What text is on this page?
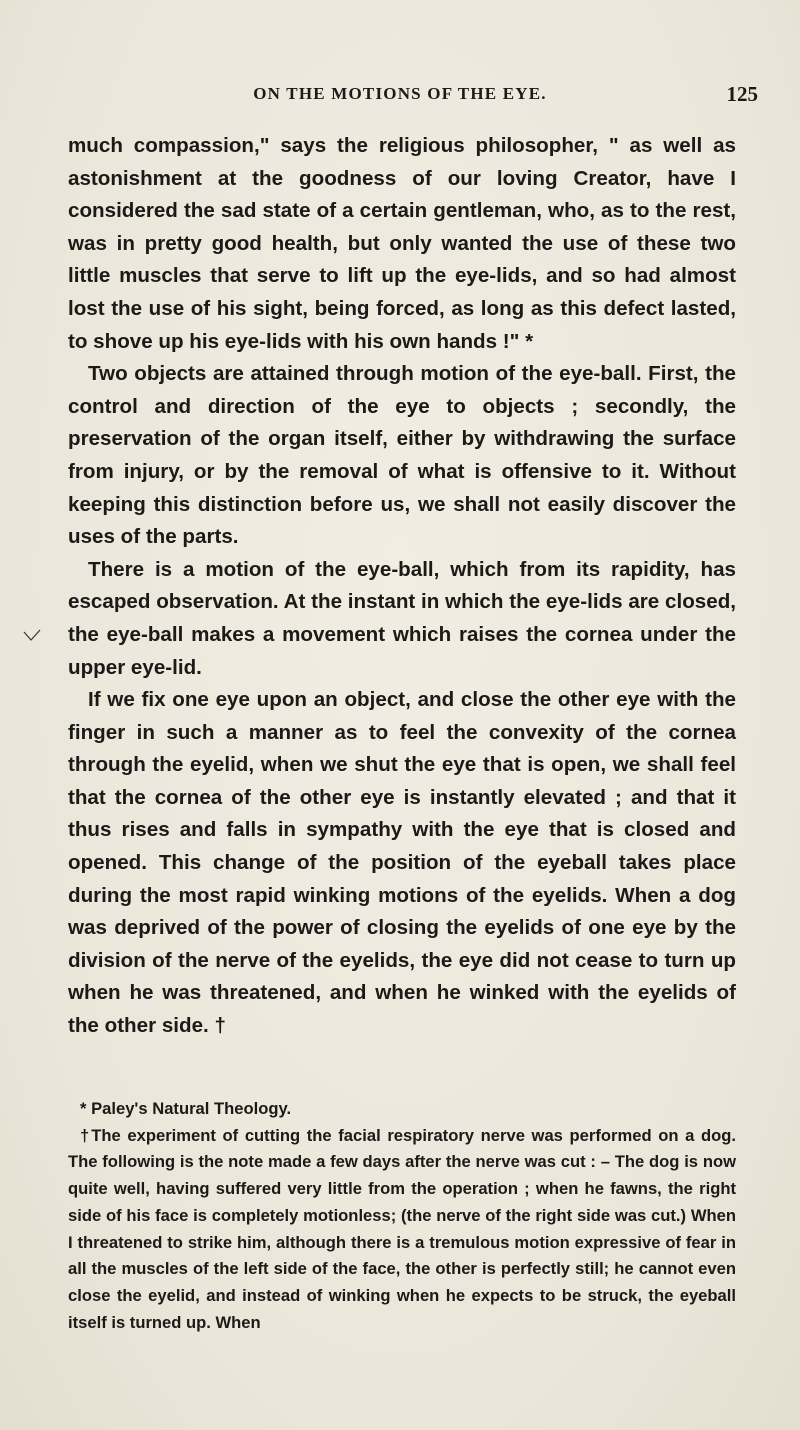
ON THE MOTIONS OF THE EYE.	125

much compassion," says the religious philosopher, " as well as astonishment at the goodness of our loving Creator, have I considered the sad state of a certain gentleman, who, as to the rest, was in pretty good health, but only wanted the use of these two little muscles that serve to lift up the eye-lids, and so had almost lost the use of his sight, being forced, as long as this defect lasted, to shove up his eye-lids with his own hands !" *

Two objects are attained through motion of the eye-ball. First, the control and direction of the eye to objects ; secondly, the preservation of the organ itself, either by withdrawing the surface from injury, or by the removal of what is offensive to it. Without keeping this distinction before us, we shall not easily discover the uses of the parts.

There is a motion of the eye-ball, which from its rapidity, has escaped observation. At the instant in which the eye-lids are closed, the eye-ball makes a movement which raises the cornea under the upper eye-lid.

If we fix one eye upon an object, and close the other eye with the finger in such a manner as to feel the convexity of the cornea through the eyelid, when we shut the eye that is open, we shall feel that the cornea of the other eye is instantly elevated ; and that it thus rises and falls in sympathy with the eye that is closed and opened. This change of the position of the eyeball takes place during the most rapid winking motions of the eyelids. When a dog was deprived of the power of closing the eyelids of one eye by the division of the nerve of the eyelids, the eye did not cease to turn up when he was threatened, and when he winked with the eyelids of the other side. †

* Paley's Natural Theology.

†The experiment of cutting the facial respiratory nerve was performed on a dog. The following is the note made a few days after the nerve was cut : – The dog is now quite well, having suffered very little from the operation ; when he fawns, the right side of his face is completely motionless; (the nerve of the right side was cut.) When I threatened to strike him, although there is a tremulous motion expressive of fear in all the muscles of the left side of the face, the other is perfectly still; he cannot even close the eyelid, and instead of winking when he expects to be struck, the eyeball itself is turned up. When
